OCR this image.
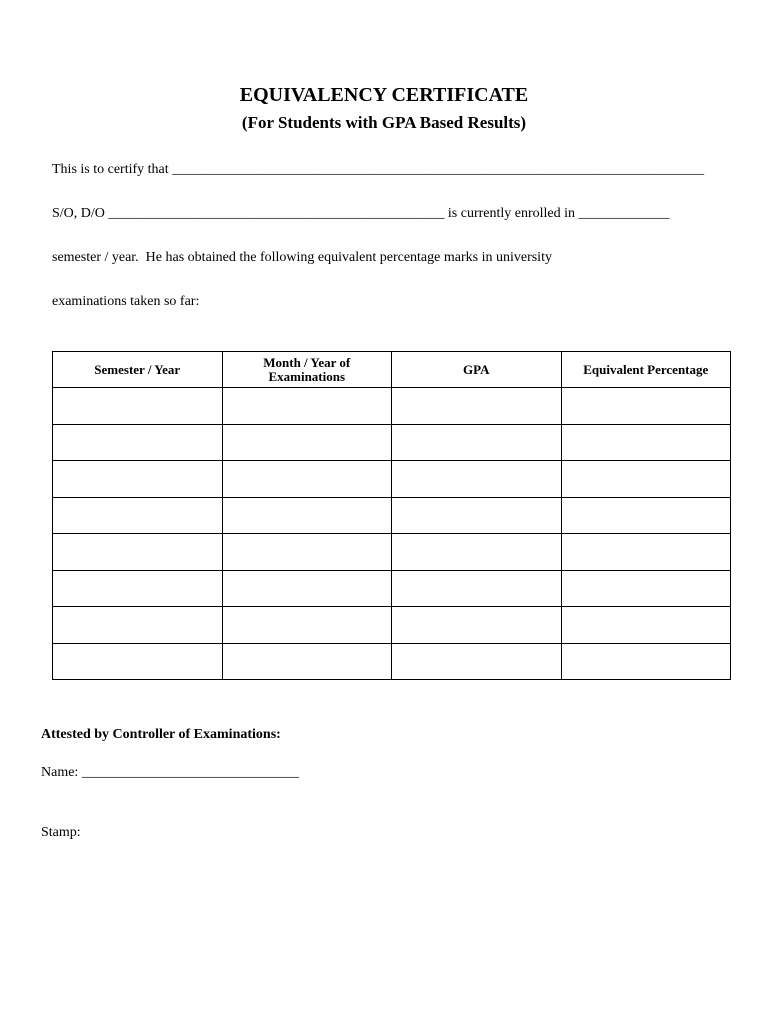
EQUIVALENCY CERTIFICATE
(For Students with GPA Based Results)
This is to certify that ____________________________________________________________________________
S/O, D/O ________________________________________________ is currently enrolled in _____________
semester / year.  He has obtained the following equivalent percentage marks in university
examinations taken so far:
Semester / Year	Month / Year of Examinations	GPA	Equivalent Percentage

Attested by Controller of Examinations:
Name: _______________________________
Stamp:
